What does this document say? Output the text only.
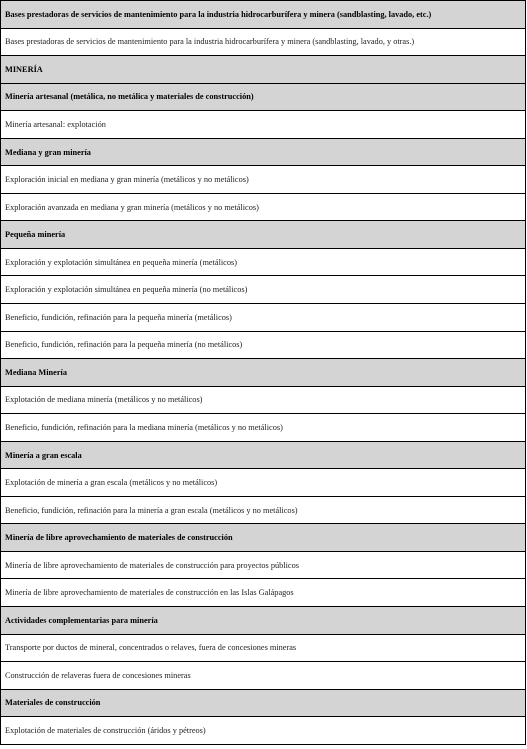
Bases prestadoras de servicios de mantenimiento para la industria hidrocarburífera y minera (sandblasting, lavado, etc.)
Bases prestadoras de servicios de mantenimiento para la industria hidrocarburífera y minera (sandblasting, lavado, y otras.)
MINERÍA
Minería artesanal (metálica, no metálica y materiales de construcción)
Minería artesanal: explotación
Mediana y gran minería
Exploración inicial en mediana y gran minería (metálicos y no metálicos)
Exploración avanzada en mediana y gran minería (metálicos y no metálicos)
Pequeña minería
Exploración y explotación simultánea en pequeña minería (metálicos)
Exploración y explotación simultánea en pequeña minería (no metálicos)
Beneficio, fundición, refinación para la pequeña minería (metálicos)
Beneficio, fundición, refinación para la pequeña minería (no metálicos)
Mediana Minería
Explotación de mediana minería (metálicos y no metálicos)
Beneficio, fundición, refinación para la mediana minería (metálicos y no metálicos)
Minería a gran escala
Explotación de minería a gran escala (metálicos y no metálicos)
Beneficio, fundición, refinación para la minería a gran escala (metálicos y no metálicos)
Minería de libre aprovechamiento de materiales de construcción
Minería de libre aprovechamiento de materiales de construcción para proyectos públicos
Minería de libre aprovechamiento de materiales de construcción en las Islas Galápagos
Actividades complementarias para minería
Transporte por ductos de mineral, concentrados o relaves, fuera de concesiones mineras
Construcción de relaveras fuera de concesiones mineras
Materiales de construcción
Explotación de materiales de construcción (áridos y pétreos)
